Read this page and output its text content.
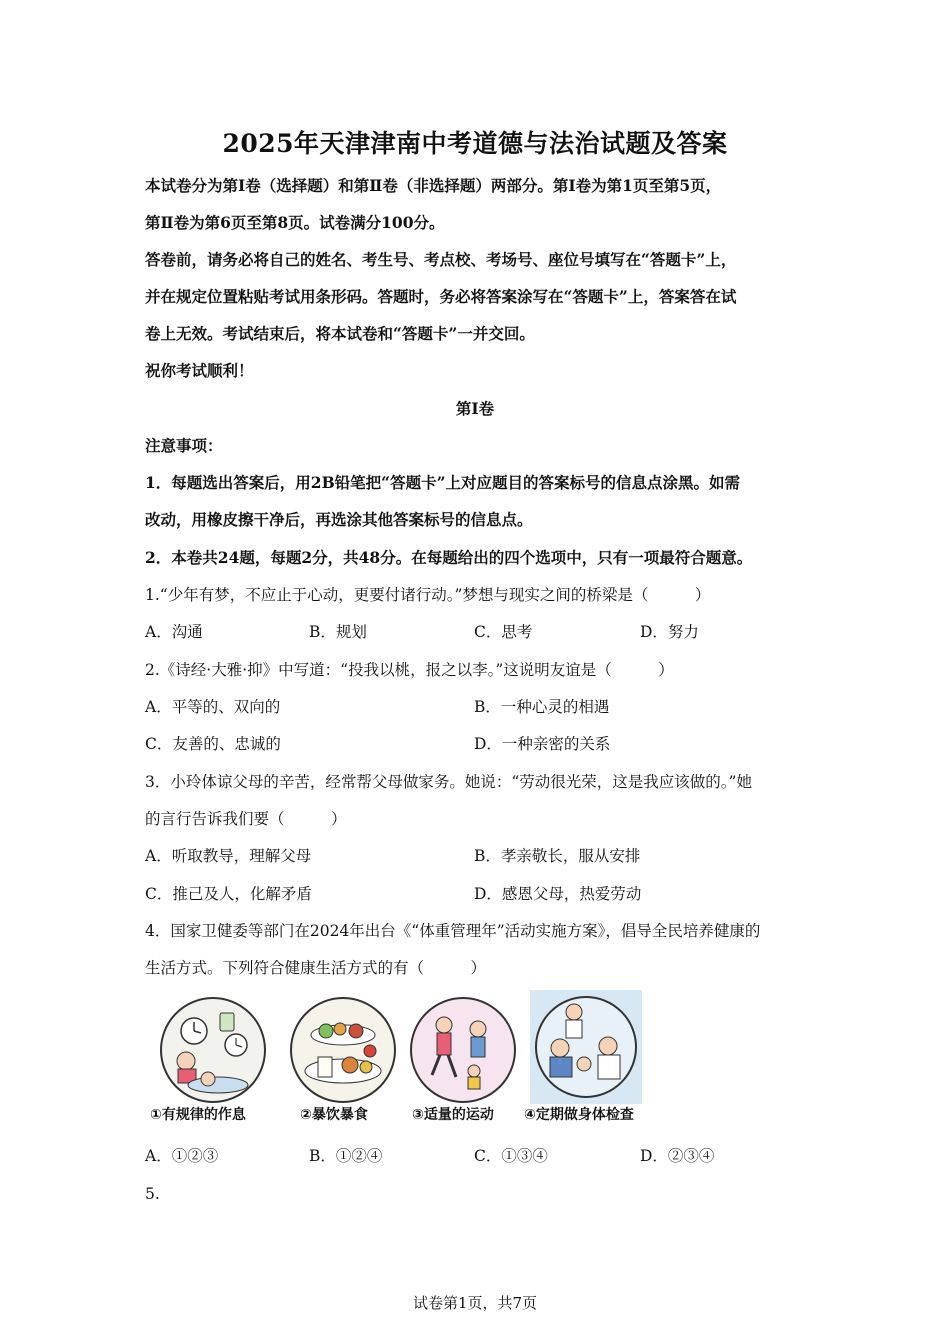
2025年天津津南中考道德与法治试题及答案
本试卷分为第Ⅰ卷（选择题）和第Ⅱ卷（非选择题）两部分。第Ⅰ卷为第1页至第5页，
第Ⅱ卷为第6页至第8页。试卷满分100分。
答卷前，请务必将自己的姓名、考生号、考点校、考场号、座位号填写在“答题卡”上，
并在规定位置粘贴考试用条形码。答题时，务必将答案涂写在“答题卡”上，答案答在试
卷上无效。考试结束后，将本试卷和“答题卡”一并交回。
祝你考试顺利！
第Ⅰ卷
注意事项：
1．每题选出答案后，用2B铅笔把“答题卡”上对应题目的答案标号的信息点涂黑。如需
改动，用橡皮擦干净后，再选涂其他答案标号的信息点。
2．本卷共24题，每题2分，共48分。在每题给出的四个选项中，只有一项最符合题意。
1.“少年有梦，不应止于心动，更要付诸行动。”梦想与现实之间的桥梁是（　　　）
A．沟通	B．规划	C．思考	D．努力
2.《诗经·大雅·抑》中写道：“投我以桃，报之以李。”这说明友谊是（　　　）
A．平等的、双向的	B．一种心灵的相遇
C．友善的、忠诚的	D．一种亲密的关系
3．小玲体谅父母的辛苦，经常帮父母做家务。她说：“劳动很光荣，这是我应该做的。”她
的言行告诉我们要（　　　）
A．听取教导，理解父母	B．孝亲敬长，服从安排
C．推己及人，化解矛盾	D．感恩父母，热爱劳动
4．国家卫健委等部门在2024年出台《“体重管理年”活动实施方案》，倡导全民培养健康的
生活方式。下列符合健康生活方式的有（　　　）
①有规律的作息	②暴饮暴食	③适量的运动 ④定期做身体检查
A．①②③	B．①②④	C．①③④	D．②③④
5.
试卷第1页，共7页
